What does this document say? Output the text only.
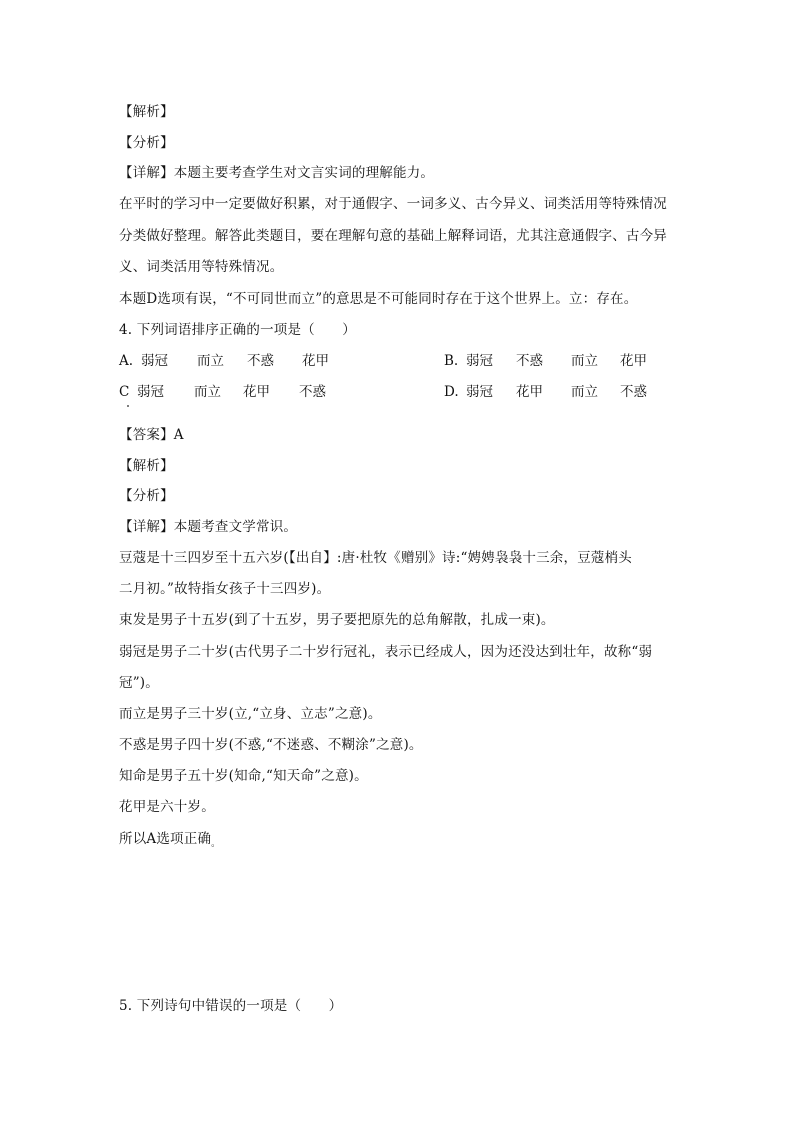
【解析】
【分析】
【详解】本题主要考查学生对文言实词的理解能力。
在平时的学习中一定要做好积累，对于通假字、一词多义、古今异义、词类活用等特殊情况
分类做好整理。解答此类题目，要在理解句意的基础上解释词语，尤其注意通假字、古今异
义、词类活用等特殊情况。
本题D选项有误，“不可同世而立”的意思是不可能同时存在于这个世界上。立：存在。
4. 下列词语排序正确的一项是（　　）
A. 弱冠 而立 不惑 花甲	B. 弱冠 不惑 而立 花甲
C 弱冠 而立 花甲 不惑	D. 弱冠 花甲 而立 不惑
【答案】A
【解析】
【分析】
【详解】本题考查文学常识。
豆蔻是十三四岁至十五六岁(【出自】:唐·杜牧《赠别》诗:“娉娉袅袅十三余，豆蔻梢头
二月初。”故特指女孩子十三四岁)。
束发是男子十五岁(到了十五岁，男子要把原先的总角解散，扎成一束)。
弱冠是男子二十岁(古代男子二十岁行冠礼，表示已经成人，因为还没达到壮年，故称“弱
冠”)。
而立是男子三十岁(立,“立身、立志”之意)。
不惑是男子四十岁(不惑,“不迷惑、不糊涂”之意)。
知命是男子五十岁(知命,“知天命”之意)。
花甲是六十岁。
所以A选项正确$_。$
5. 下列诗句中错误的一项是（　　）
